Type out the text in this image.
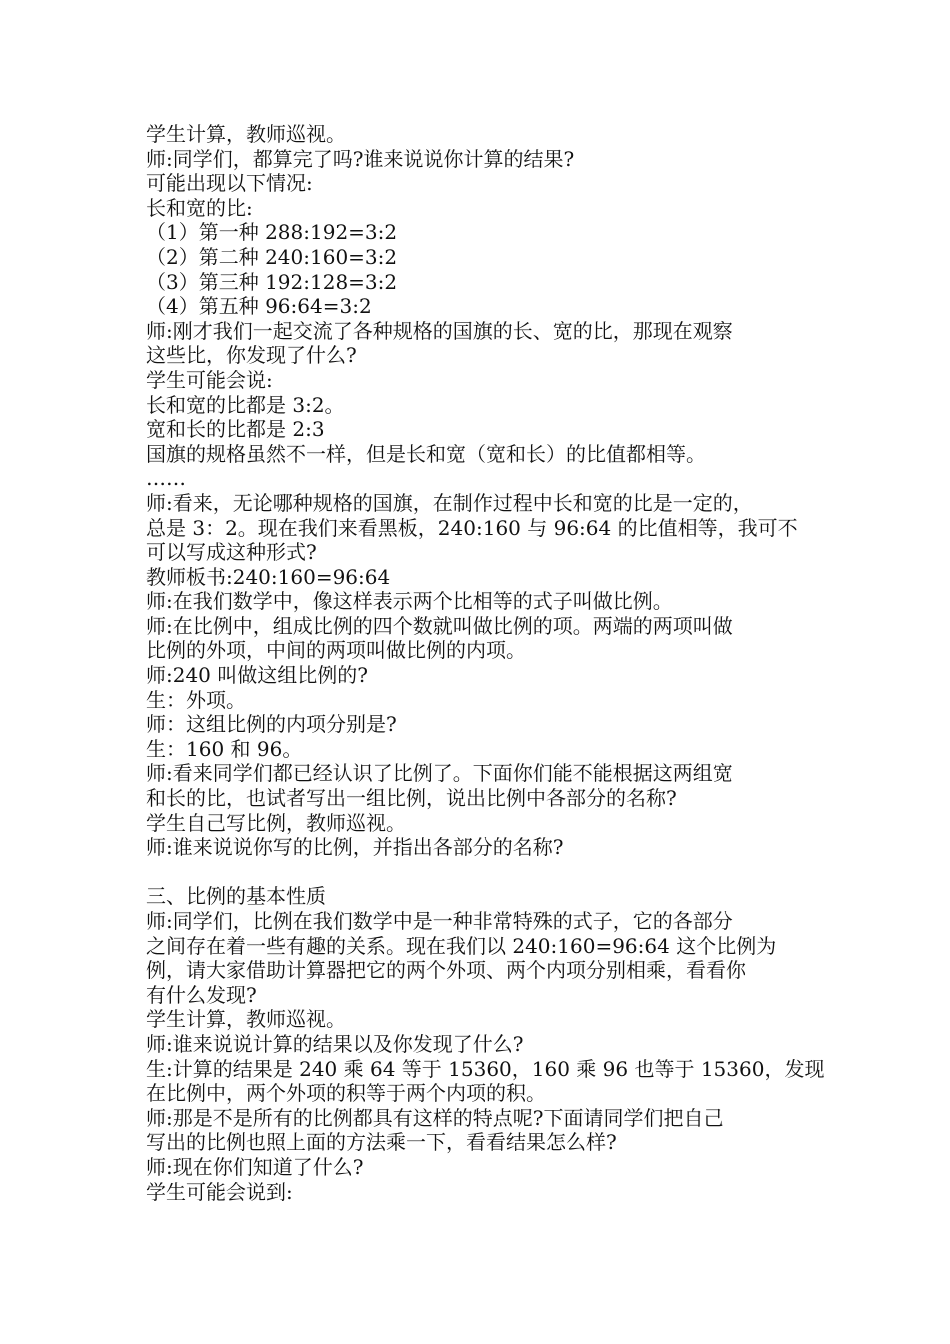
学生计算，教师巡视。
师:同学们，都算完了吗?谁来说说你计算的结果?
可能出现以下情况:
长和宽的比:
（1）第一种 288:192=3:2
（2）第二种 240:160=3:2
（3）第三种 192:128=3:2
（4）第五种 96:64=3:2
师:刚才我们一起交流了各种规格的国旗的长、宽的比，那现在观察
这些比，你发现了什么?
学生可能会说:
长和宽的比都是 3:2。
宽和长的比都是 2:3
国旗的规格虽然不一样，但是长和宽（宽和长）的比值都相等。
……
师:看来，无论哪种规格的国旗，在制作过程中长和宽的比是一定的，
总是 3：2。现在我们来看黑板，240:160 与 96:64 的比值相等，我可不
可以写成这种形式?
教师板书:240:160=96:64
师:在我们数学中，像这样表示两个比相等的式子叫做比例。
师:在比例中，组成比例的四个数就叫做比例的项。两端的两项叫做
比例的外项，中间的两项叫做比例的内项。
师:240 叫做这组比例的?
生：外项。
师：这组比例的内项分别是?
生：160 和 96。
师:看来同学们都已经认识了比例了。下面你们能不能根据这两组宽
和长的比，也试者写出一组比例，说出比例中各部分的名称?
学生自己写比例，教师巡视。
师:谁来说说你写的比例，并指出各部分的名称?
三、比例的基本性质
师:同学们，比例在我们数学中是一种非常特殊的式子，它的各部分
之间存在着一些有趣的关系。现在我们以 240:160=96:64 这个比例为
例，请大家借助计算器把它的两个外项、两个内项分别相乘，看看你
有什么发现?
学生计算，教师巡视。
师:谁来说说计算的结果以及你发现了什么?
生:计算的结果是 240 乘 64 等于 15360，160 乘 96 也等于 15360，发现
在比例中，两个外项的积等于两个内项的积。
师:那是不是所有的比例都具有这样的特点呢?下面请同学们把自己
写出的比例也照上面的方法乘一下，看看结果怎么样?
师:现在你们知道了什么?
学生可能会说到:
